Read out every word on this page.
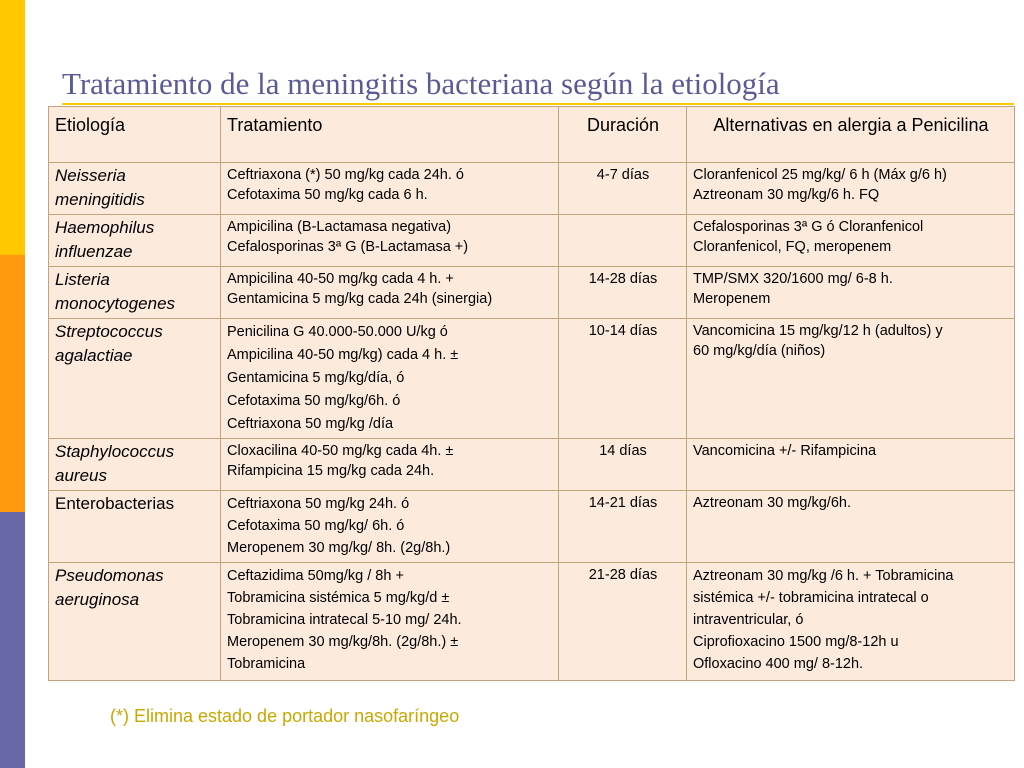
Tratamiento de la meningitis bacteriana según la etiología
Etiología	Tratamiento	Duración	Alternativas en alergia a Penicilina

Neisseria
meningitidis	Ceftriaxona (*) 50 mg/kg cada 24h. ó
Cefotaxima 50 mg/kg cada 6 h.	4-7 días	Cloranfenicol 25 mg/kg/ 6 h (Máx g/6 h)
Aztreonam 30 mg/kg/6 h. FQ

Haemophilus
influenzae	Ampicilina (B-Lactamasa negativa)
Cefalosporinas 3ª G (B-Lactamasa +)		Cefalosporinas 3ª G ó Cloranfenicol
Cloranfenicol, FQ, meropenem

Listeria
monocytogenes	Ampicilina 40-50 mg/kg cada 4 h. +
Gentamicina 5 mg/kg cada 24h (sinergia)	14-28 días	TMP/SMX 320/1600 mg/ 6-8 h.
Meropenem

Streptococcus
agalactiae	Penicilina G 40.000-50.000 U/kg ó
Ampicilina 40-50 mg/kg) cada 4 h. ±
Gentamicina 5 mg/kg/día, ó
Cefotaxima 50 mg/kg/6h. ó
Ceftriaxona 50 mg/kg /día	10-14 días	Vancomicina 15 mg/kg/12 h (adultos) y
60 mg/kg/día (niños)

Staphylococcus
aureus	Cloxacilina 40-50 mg/kg cada 4h. ±
Rifampicina 15 mg/kg cada 24h.	14 días	Vancomicina +/- Rifampicina

Enterobacterias	Ceftriaxona 50 mg/kg 24h. ó
Cefotaxima 50 mg/kg/ 6h. ó
Meropenem 30 mg/kg/ 8h. (2g/8h.)	14-21 días	Aztreonam 30 mg/kg/6h.

Pseudomonas
aeruginosa	Ceftazidima 50mg/kg / 8h +
Tobramicina sistémica 5 mg/kg/d ±
Tobramicina intratecal 5-10 mg/ 24h.
Meropenem 30 mg/kg/8h. (2g/8h.) ±
Tobramicina	21-28 días	Aztreonam 30 mg/kg /6 h. + Tobramicina
sistémica +/- tobramicina intratecal o
intraventricular, ó
Ciprofioxacino 1500 mg/8-12h u
Ofloxacino 400 mg/ 8-12h.
(*) Elimina estado de portador nasofaríngeo
